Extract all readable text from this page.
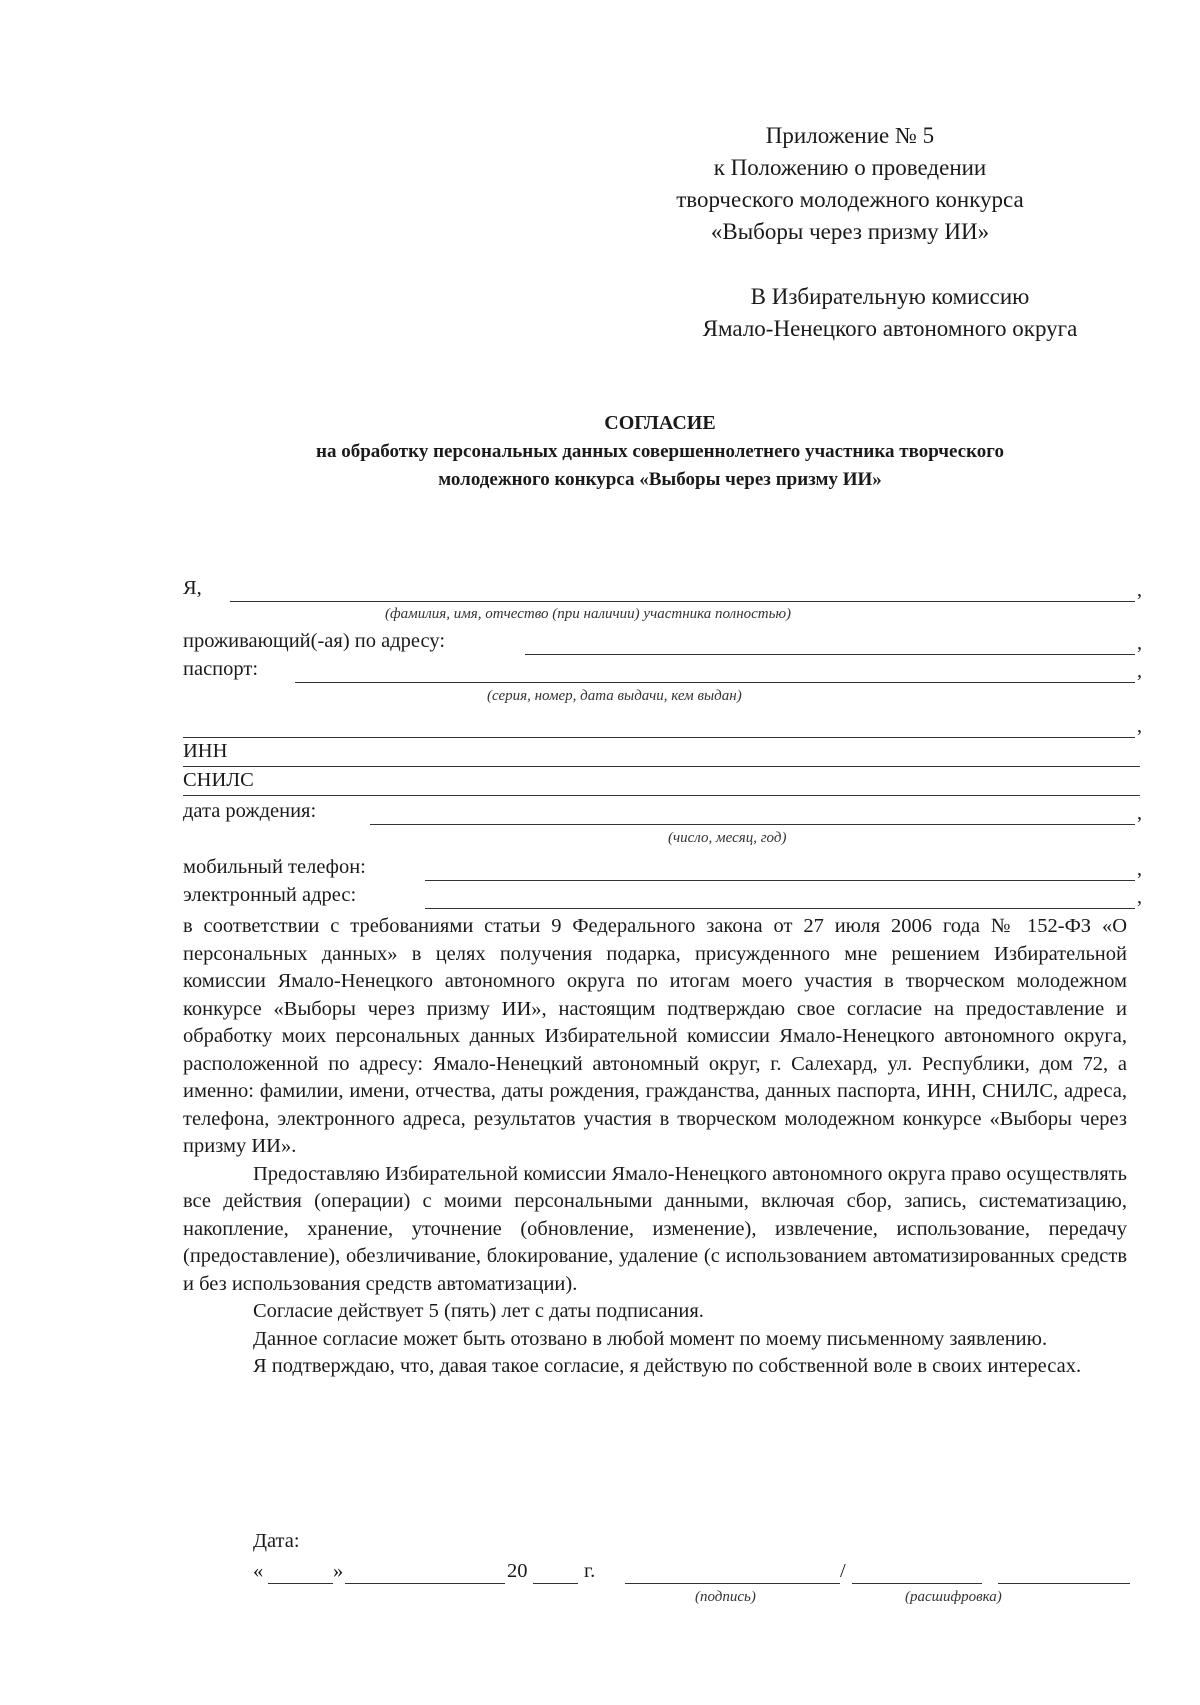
Приложение № 5
к Положению о проведении
творческого молодежного конкурса
«Выборы через призму ИИ»
В Избирательную комиссию
Ямало-Ненецкого автономного округа
СОГЛАСИЕ
на обработку персональных данных совершеннолетнего участника творческого
молодежного конкурса «Выборы через призму ИИ»
Я,	,
(фамилия, имя, отчество (при наличии) участника полностью)
проживающий(-ая) по адресу:	,
паспорт:	,
(серия, номер, дата выдачи, кем выдан)
,
ИНН
СНИЛС
дата рождения:	,
(число, месяц, год)
мобильный телефон:	,
электронный адрес:	,

в соответствии с требованиями статьи 9 Федерального закона от 27 июля 2006 года № 152-ФЗ «О персональных данных» в целях получения подарка, присужденного мне решением Избирательной комиссии Ямало-Ненецкого автономного округа по итогам моего участия в творческом молодежном конкурсе «Выборы через призму ИИ», настоящим подтверждаю свое согласие на предоставление и обработку моих персональных данных Избирательной комиссии Ямало-Ненецкого автономного округа, расположенной по адресу: Ямало-Ненецкий автономный округ, г. Салехард, ул. Республики, дом 72, а именно: фамилии, имени, отчества, даты рождения, гражданства, данных паспорта, ИНН, СНИЛС, адреса, телефона, электронного адреса, результатов участия в творческом молодежном конкурсе «Выборы через призму ИИ».

Предоставляю Избирательной комиссии Ямало-Ненецкого автономного округа право осуществлять все действия (операции) с моими персональными данными, включая сбор, запись, систематизацию, накопление, хранение, уточнение (обновление, изменение), извлечение, использование, передачу (предоставление), обезличивание, блокирование, удаление (с использованием автоматизированных средств и без использования средств автоматизации).

Согласие действует 5 (пять) лет с даты подписания.

Данное согласие может быть отозвано в любой момент по моему письменному заявлению.

Я подтверждаю, что, давая такое согласие, я действую по собственной воле в своих интересах.

Дата:
«	»	20	г.	/
(подпись)	(расшифровка)
